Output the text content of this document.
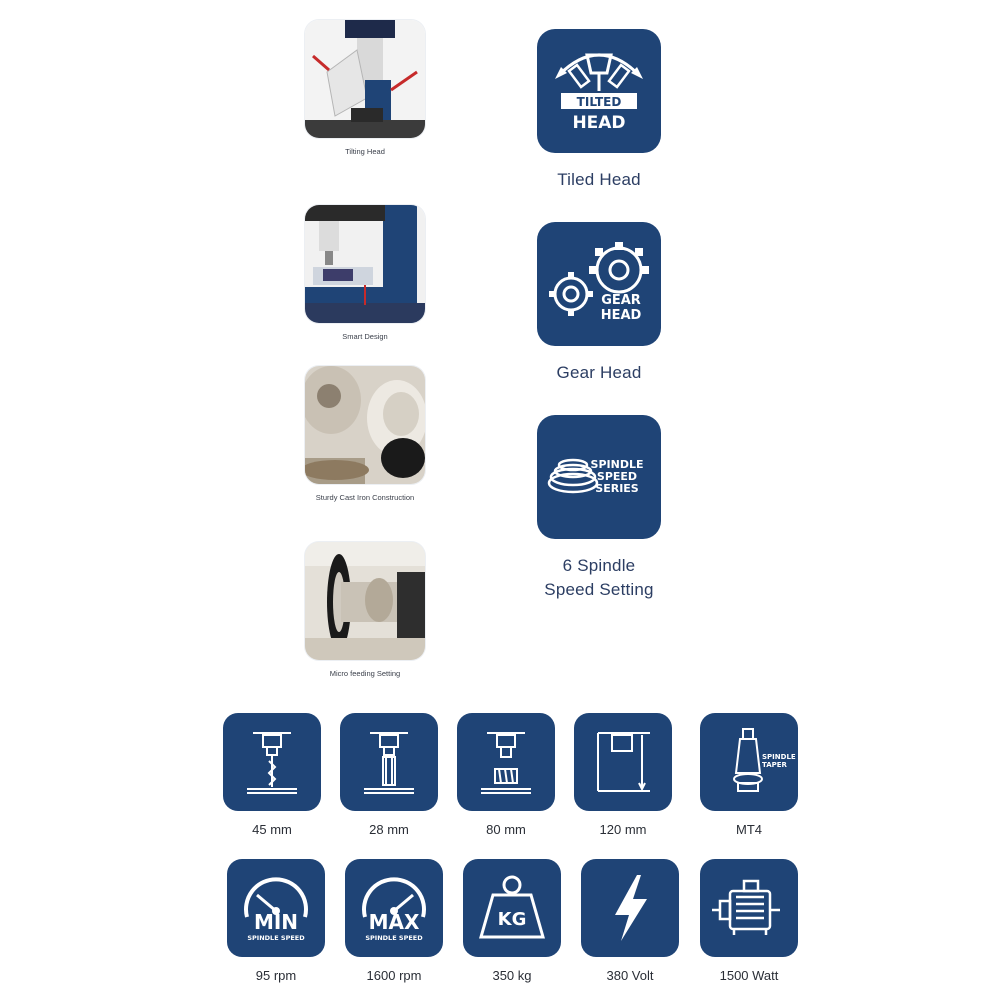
Tilting Head
Smart Design
Sturdy Cast Iron Construction
Micro feeding Setting
TILTED
HEAD
Tiled Head
GEAR
HEAD
Gear Head
SPINDLE
SPEED
SERIES
6 Spindle
Speed Setting
45 mm	28 mm	80 mm	120 mm
SPINDLE
TAPER
MT4
MIN
SPINDLE SPEED
95 rpm
MAX
SPINDLE SPEED
1600 rpm
KG
350 kg	380 Volt	1500 Watt
